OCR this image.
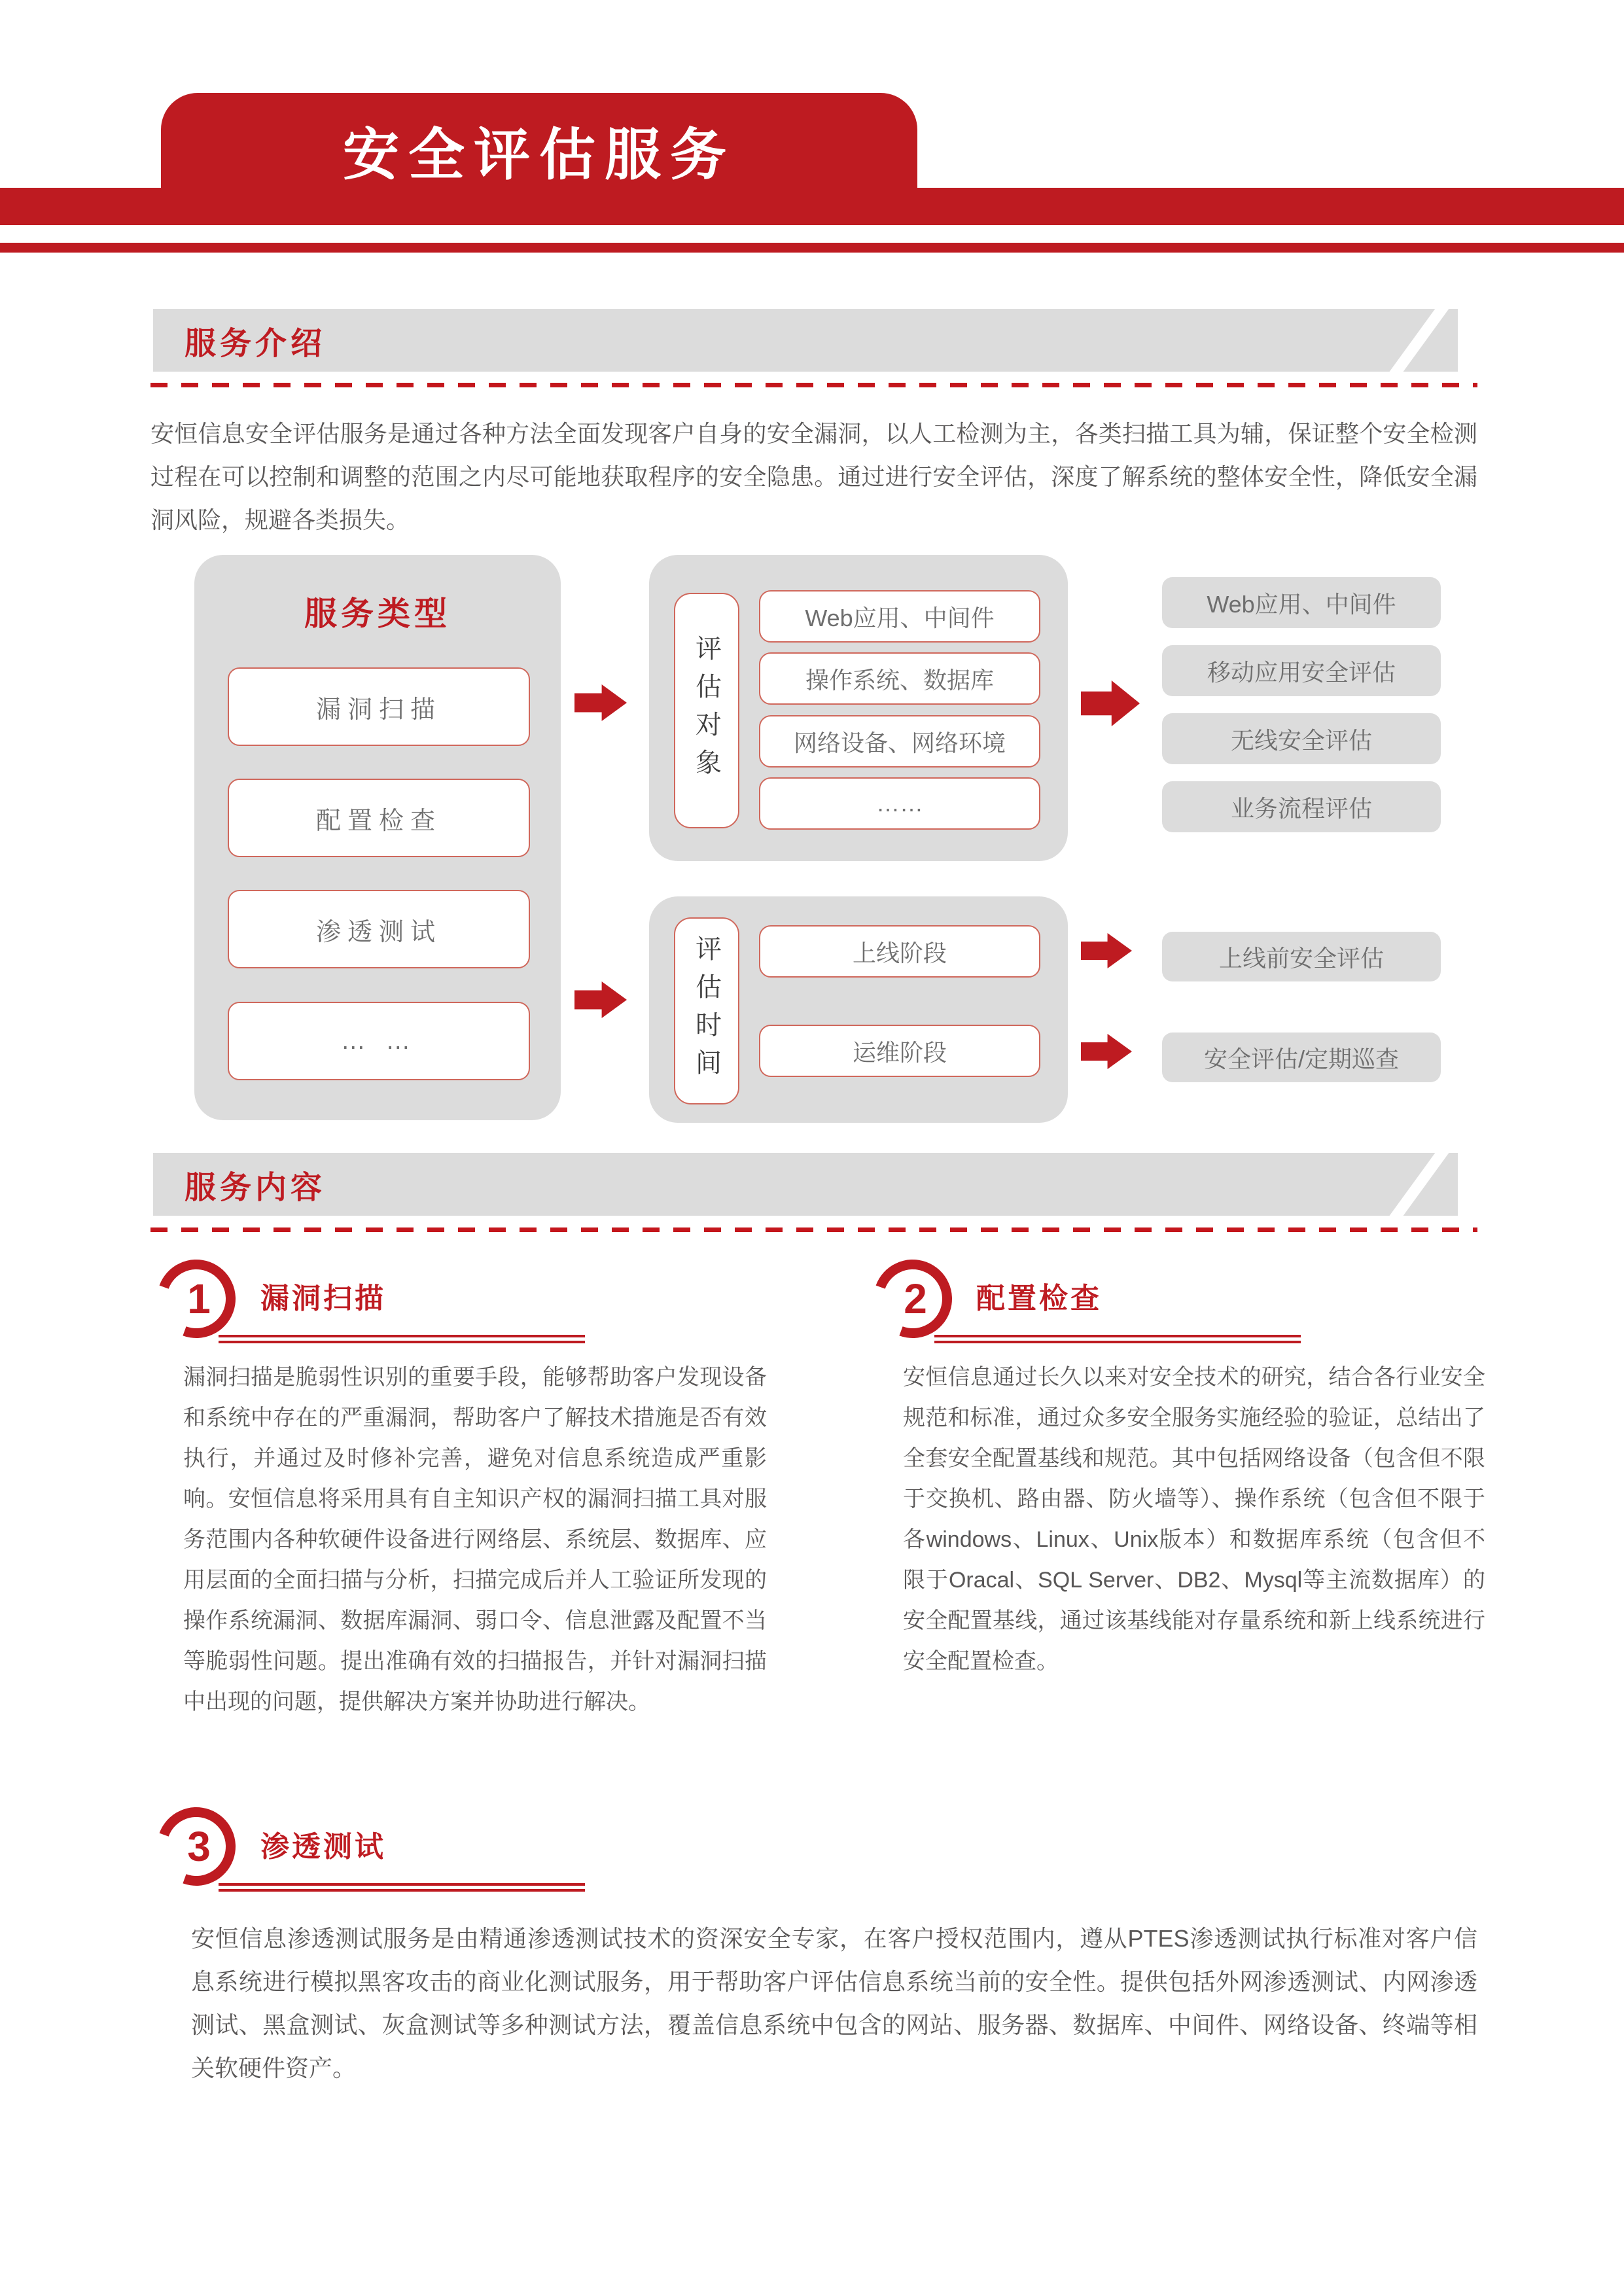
安全评估服务
服务介绍
安恒信息安全评估服务是通过各种方法全面发现客户自身的安全漏洞，以人工检测为主，各类扫描工具为辅，保证整个安全检测过程在可以控制和调整的范围之内尽可能地获取程序的安全隐患。通过进行安全评估，深度了解系统的整体安全性，降低安全漏洞风险，规避各类损失。
服务类型
漏洞扫描
配置检查
渗透测试
… …
评估对象
Web应用、中间件
操作系统、数据库
网络设备、网络环境
……
Web应用、中间件
移动应用安全评估
无线安全评估
业务流程评估
评估时间	上线阶段
运维阶段
上线前安全评估
安全评估/定期巡查
服务内容
1	漏洞扫描
漏洞扫描是脆弱性识别的重要手段，能够帮助客户发现设备和系统中存在的严重漏洞，帮助客户了解技术措施是否有效执行，并通过及时修补完善，避免对信息系统造成严重影响。安恒信息将采用具有自主知识产权的漏洞扫描工具对服务范围内各种软硬件设备进行网络层、系统层、数据库、应用层面的全面扫描与分析，扫描完成后并人工验证所发现的操作系统漏洞、数据库漏洞、弱口令、信息泄露及配置不当等脆弱性问题。提出准确有效的扫描报告，并针对漏洞扫描中出现的问题，提供解决方案并协助进行解决。
2	配置检查
安恒信息通过长久以来对安全技术的研究，结合各行业安全规范和标准，通过众多安全服务实施经验的验证，总结出了全套安全配置基线和规范。其中包括网络设备（包含但不限于交换机、路由器、防火墙等）、操作系统（包含但不限于各windows、Linux、Unix版本）和数据库系统（包含但不限于Oracal、SQL Server、DB2、Mysql等主流数据库）的安全配置基线，通过该基线能对存量系统和新上线系统进行安全配置检查。
3	渗透测试
安恒信息渗透测试服务是由精通渗透测试技术的资深安全专家，在客户授权范围内，遵从PTES渗透测试执行标准对客户信息系统进行模拟黑客攻击的商业化测试服务，用于帮助客户评估信息系统当前的安全性。提供包括外网渗透测试、内网渗透测试、黑盒测试、灰盒测试等多种测试方法，覆盖信息系统中包含的网站、服务器、数据库、中间件、网络设备、终端等相关软硬件资产。
